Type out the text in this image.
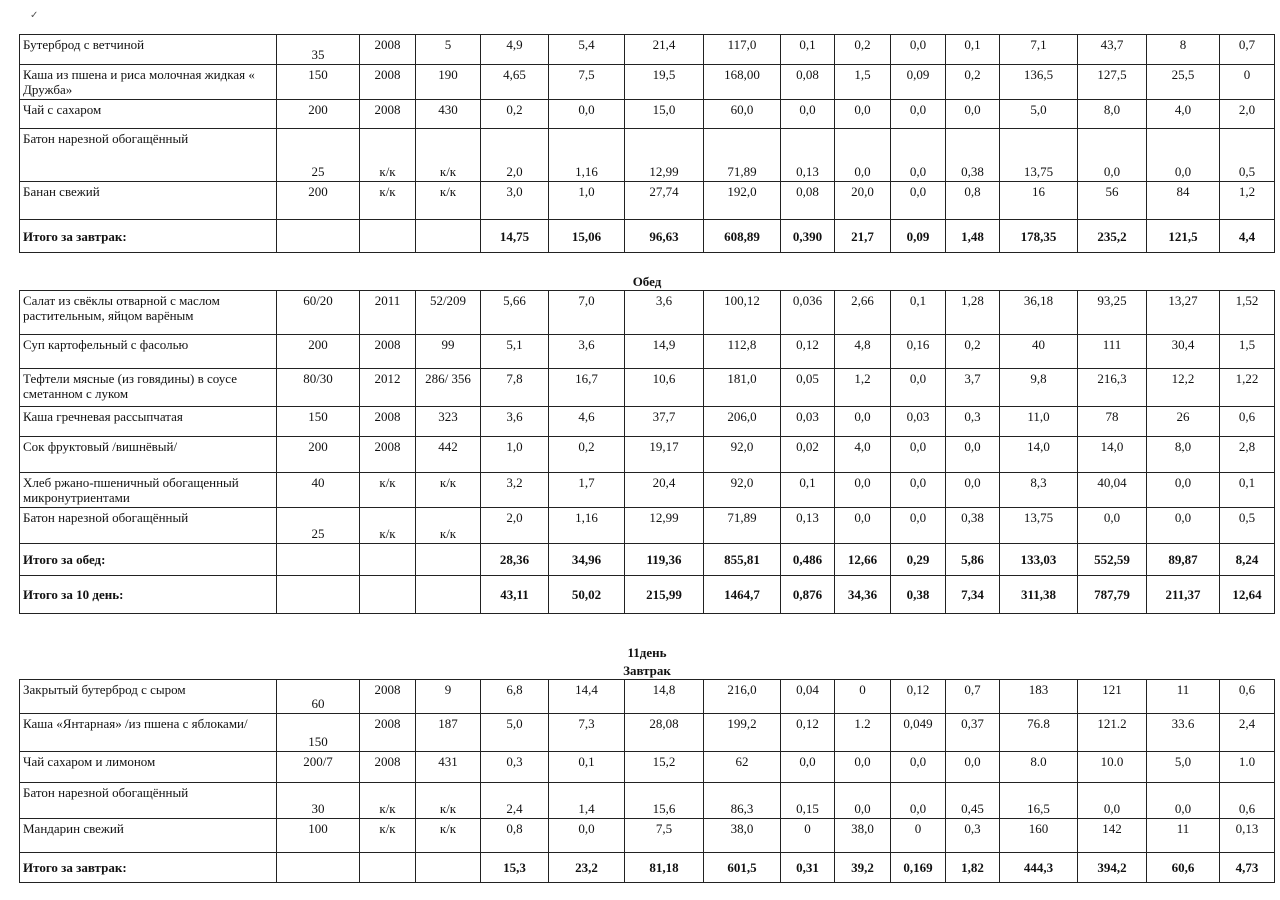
✓
Бутерброд с ветчиной	35	2008	5	4,9	5,4	21,4	117,0	0,1	0,2	0,0	0,1	7,1	43,7	8	0,7
Каша из пшена и риса молочная жидкая « Дружба»	150	2008	190	4,65	7,5	19,5	168,00	0,08	1,5	0,09	0,2	136,5	127,5	25,5	0
Чай с сахаром	200	2008	430	0,2	0,0	15,0	60,0	0,0	0,0	0,0	0,0	5,0	8,0	4,0	2,0
Батон нарезной обогащённый	25	к/к	к/к	2,0	1,16	12,99	71,89	0,13	0,0	0,0	0,38	13,75	0,0	0,0	0,5
Банан свежий	200	к/к	к/к	3,0	1,0	27,74	192,0	0,08	20,0	0,0	0,8	16	56	84	1,2
Итого за завтрак:				14,75	15,06	96,63	608,89	0,390	21,7	0,09	1,48	178,35	235,2	121,5	4,4
Обед															
Салат из свёклы отварной с маслом растительным, яйцом варёным	60/20	2011	52/209	5,66	7,0	3,6	100,12	0,036	2,66	0,1	1,28	36,18	93,25	13,27	1,52
Суп картофельный с фасолью	200	2008	99	5,1	3,6	14,9	112,8	0,12	4,8	0,16	0,2	40	111	30,4	1,5
Тефтели мясные (из говядины) в соусе сметанном с луком	80/30	2012	286/ 356	7,8	16,7	10,6	181,0	0,05	1,2	0,0	3,7	9,8	216,3	12,2	1,22
Каша гречневая рассыпчатая	150	2008	323	3,6	4,6	37,7	206,0	0,03	0,0	0,03	0,3	11,0	78	26	0,6
Сок фруктовый /вишнёвый/	200	2008	442	1,0	0,2	19,17	92,0	0,02	4,0	0,0	0,0	14,0	14,0	8,0	2,8
Хлеб ржано-пшеничный обогащенный микронутриентами	40	к/к	к/к	3,2	1,7	20,4	92,0	0,1	0,0	0,0	0,0	8,3	40,04	0,0	0,1
Батон нарезной обогащённый	25	к/к	к/к	2,0	1,16	12,99	71,89	0,13	0,0	0,0	0,38	13,75	0,0	0,0	0,5
Итого за обед:				28,36	34,96	119,36	855,81	0,486	12,66	0,29	5,86	133,03	552,59	89,87	8,24
Итого за 10 день:				43,11	50,02	215,99	1464,7	0,876	34,36	0,38	7,34	311,38	787,79	211,37	12,64

11день															
Завтрак															
Закрытый бутерброд с сыром	60	2008	9	6,8	14,4	14,8	216,0	0,04	0	0,12	0,7	183	121	11	0,6
Каша «Янтарная» /из пшена с яблоками/	150	2008	187	5,0	7,3	28,08	199,2	0,12	1.2	0,049	0,37	76.8	121.2	33.6	2,4
Чай сахаром и лимоном	200/7	2008	431	0,3	0,1	15,2	62	0,0	0,0	0,0	0,0	8.0	10.0	5,0	1.0
Батон нарезной обогащённый	30	к/к	к/к	2,4	1,4	15,6	86,3	0,15	0,0	0,0	0,45	16,5	0,0	0,0	0,6
Мандарин свежий	100	к/к	к/к	0,8	0,0	7,5	38,0	0	38,0	0	0,3	160	142	11	0,13
Итого за завтрак:				15,3	23,2	81,18	601,5	0,31	39,2	0,169	1,82	444,3	394,2	60,6	4,73
